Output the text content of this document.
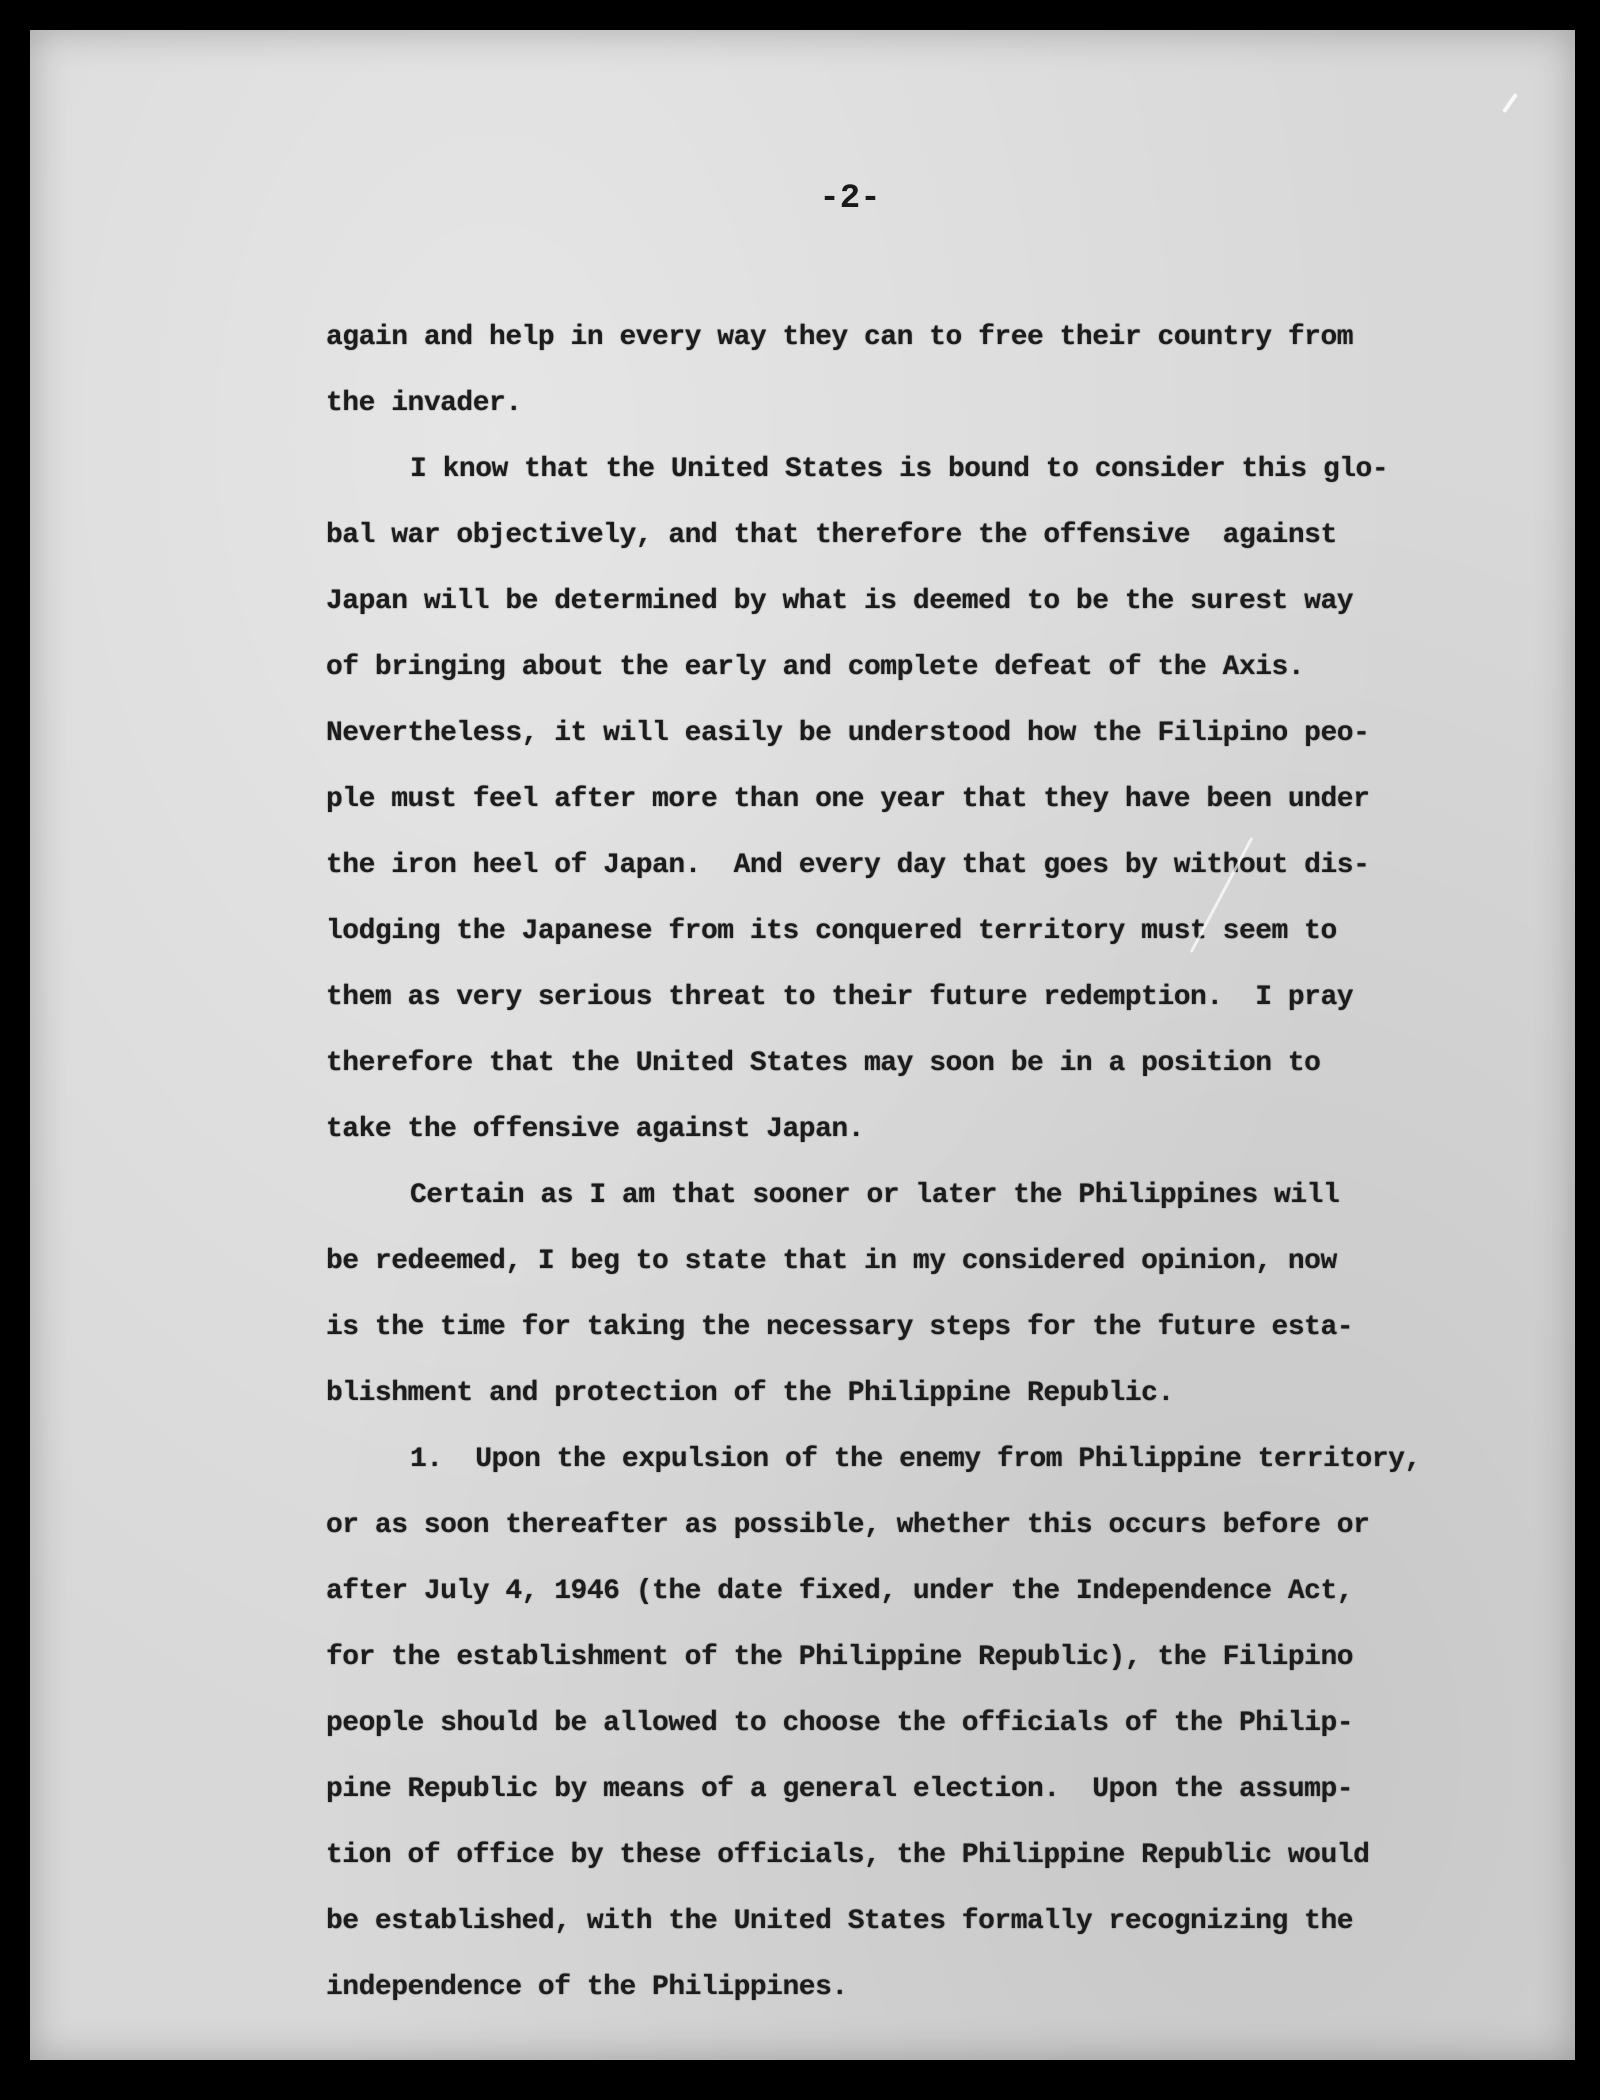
-2-
again and help in every way they can to free their country from
the invader.
I know that the United States is bound to consider this glo-
bal war objectively, and that therefore the offensive  against
Japan will be determined by what is deemed to be the surest way
of bringing about the early and complete defeat of the Axis.
Nevertheless, it will easily be understood how the Filipino peo-
ple must feel after more than one year that they have been under
the iron heel of Japan.  And every day that goes by without dis-
lodging the Japanese from its conquered territory must seem to
them as very serious threat to their future redemption.  I pray
therefore that the United States may soon be in a position to
take the offensive against Japan.
Certain as I am that sooner or later the Philippines will
be redeemed, I beg to state that in my considered opinion, now
is the time for taking the necessary steps for the future esta-
blishment and protection of the Philippine Republic.
1.  Upon the expulsion of the enemy from Philippine territory,
or as soon thereafter as possible, whether this occurs before or
after July 4, 1946 (the date fixed, under the Independence Act,
for the establishment of the Philippine Republic), the Filipino
people should be allowed to choose the officials of the Philip-
pine Republic by means of a general election.  Upon the assump-
tion of office by these officials, the Philippine Republic would
be established, with the United States formally recognizing the
independence of the Philippines.
